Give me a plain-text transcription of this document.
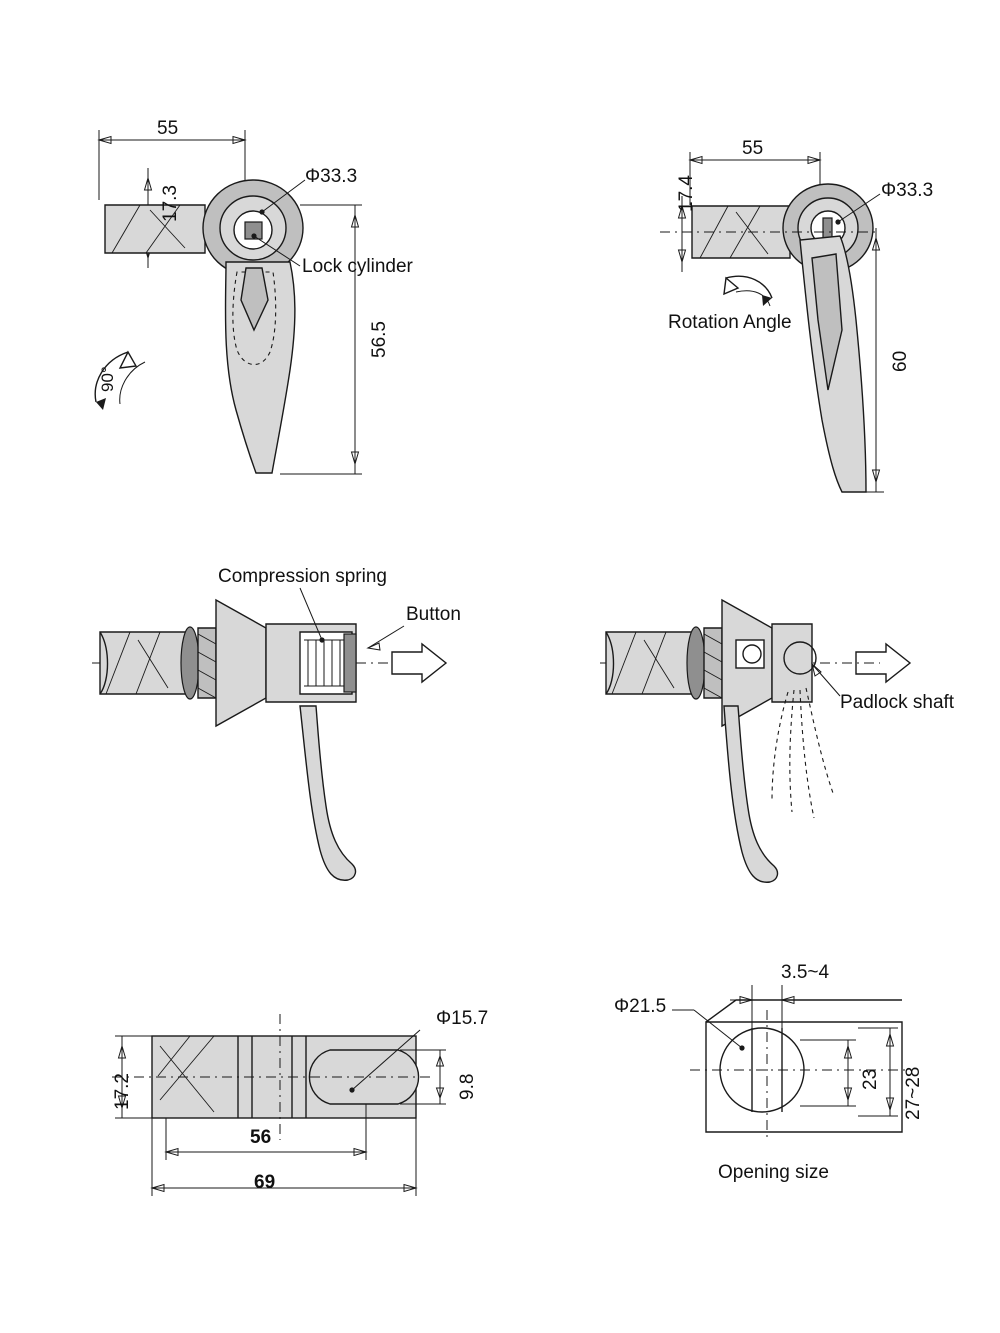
55
17.3
Φ33.3
56.5
90°
Lock cylinder
55
17.4	Φ33.3
60
Rotation Angle
Compression spring
Button
Padlock shaft
17.2
Φ15.7
9.8
56
69
Φ21.5
3.5~4
23 27~28
Opening size
